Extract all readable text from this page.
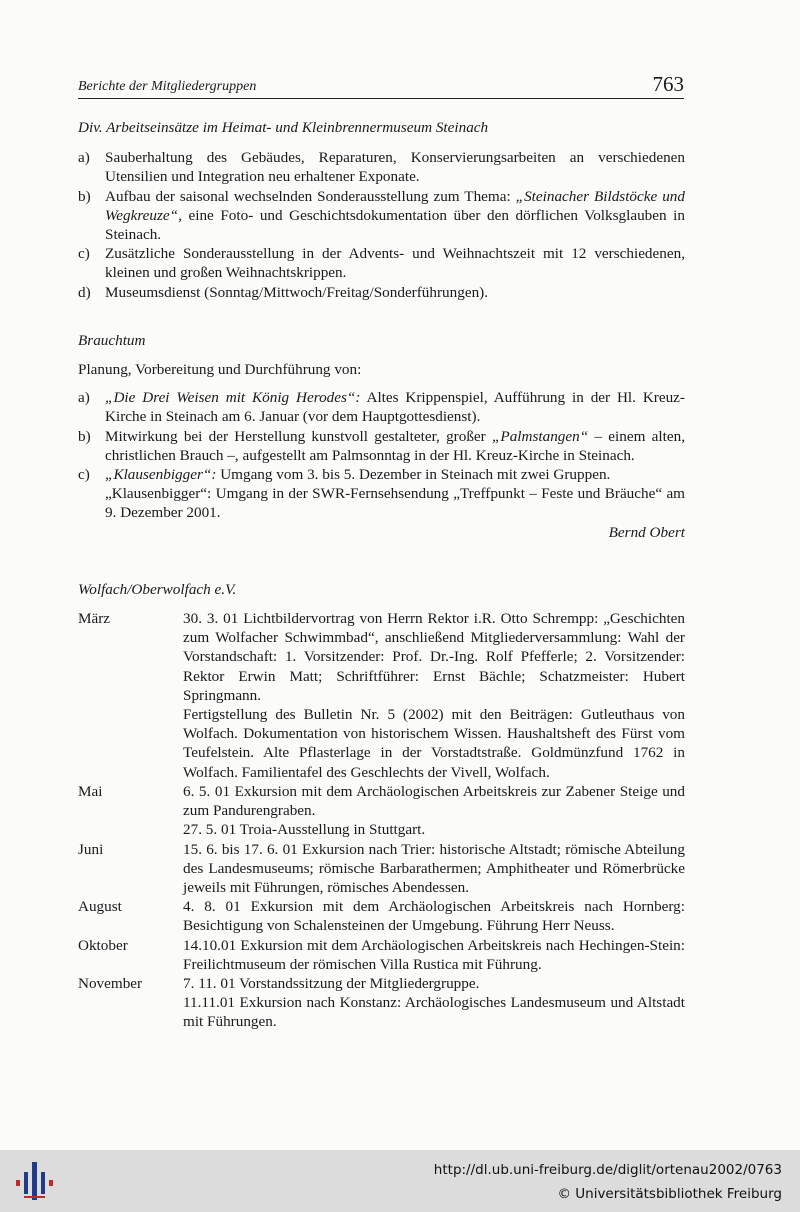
Berichte der Mitgliedergruppen	763

Div. Arbeitseinsätze im Heimat- und Kleinbrennermuseum Steinach

a) Sauberhaltung des Gebäudes, Reparaturen, Konservierungsarbeiten an verschiedenen Utensilien und Integration neu erhaltener Exponate.
b) Aufbau der saisonal wechselnden Sonderausstellung zum Thema: „Steinacher Bildstöcke und Wegkreuze“, eine Foto- und Geschichtsdokumentation über den dörflichen Volksglauben in Steinach.
c) Zusätzliche Sonderausstellung in der Advents- und Weihnachtszeit mit 12 verschiedenen, kleinen und großen Weihnachtskrippen.
d) Museumsdienst (Sonntag/Mittwoch/Freitag/Sonderführungen).

Brauchtum

Planung, Vorbereitung und Durchführung von:

a) „Die Drei Weisen mit König Herodes“: Altes Krippenspiel, Aufführung in der Hl. Kreuz-Kirche in Steinach am 6. Januar (vor dem Hauptgottesdienst).
b) Mitwirkung bei der Herstellung kunstvoll gestalteter, großer „Palmstangen“ – einem alten, christlichen Brauch –, aufgestellt am Palmsonntag in der Hl. Kreuz-Kirche in Steinach.
c) „Klausenbigger“: Umgang vom 3. bis 5. Dezember in Steinach mit zwei Gruppen.
„Klausenbigger“: Umgang in der SWR-Fernsehsendung „Treffpunkt – Feste und Bräuche“ am 9. Dezember 2001.

Bernd Obert

Wolfach/Oberwolfach e.V.

März	30. 3. 01 Lichtbildervortrag von Herrn Rektor i.R. Otto Schrempp: „Geschichten zum Wolfacher Schwimmbad“, anschließend Mitgliederversammlung: Wahl der Vorstandschaft: 1. Vorsitzender: Prof. Dr.-Ing. Rolf Pfefferle; 2. Vorsitzender: Rektor Erwin Matt; Schriftführer: Ernst Bächle; Schatzmeister: Hubert Springmann.

Fertigstellung des Bulletin Nr. 5 (2002) mit den Beiträgen: Gutleuthaus von Wolfach. Dokumentation von historischem Wissen. Haushaltsheft des Fürst vom Teufelstein. Alte Pflasterlage in der Vorstadtstraße. Goldmünzfund 1762 in Wolfach. Familientafel des Geschlechts der Vivell, Wolfach.

Mai	6. 5. 01 Exkursion mit dem Archäologischen Arbeitskreis zur Zabener Steige und zum Pandurengraben.

27. 5. 01 Troia-Ausstellung in Stuttgart.

Juni	15. 6. bis 17. 6. 01 Exkursion nach Trier: historische Altstadt; römische Abteilung des Landesmuseums; römische Barbarathermen; Amphitheater und Römerbrücke jeweils mit Führungen, römisches Abendessen.

August	4. 8. 01 Exkursion mit dem Archäologischen Arbeitskreis nach Hornberg: Besichtigung von Schalensteinen der Umgebung. Führung Herr Neuss.

Oktober	14.10.01 Exkursion mit dem Archäologischen Arbeitskreis nach Hechingen-Stein: Freilichtmuseum der römischen Villa Rustica mit Führung.

November	7. 11. 01 Vorstandssitzung der Mitgliedergruppe.

11.11.01 Exkursion nach Konstanz: Archäologisches Landesmuseum und Altstadt mit Führungen.

http://dl.ub.uni-freiburg.de/diglit/ortenau2002/0763
© Universitätsbibliothek Freiburg
